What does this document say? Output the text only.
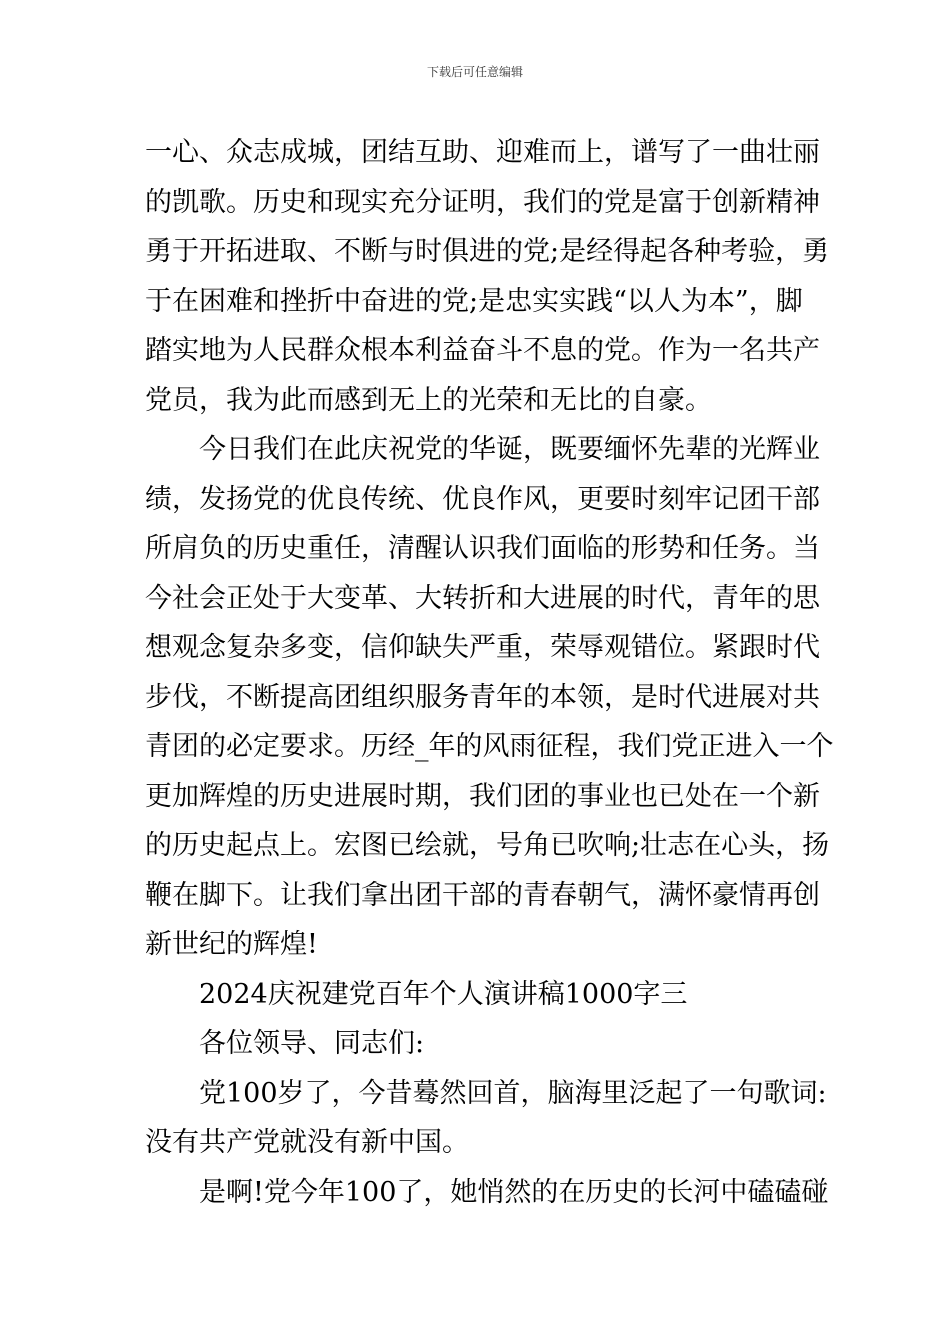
下载后可任意编辑
一心、众志成城，团结互助、迎难而上，谱写了一曲壮丽
的凯歌。历史和现实充分证明，我们的党是富于创新精神
勇于开拓进取、不断与时俱进的党;是经得起各种考验，勇
于在困难和挫折中奋进的党;是忠实实践“以人为本”，脚
踏实地为人民群众根本利益奋斗不息的党。作为一名共产
党员，我为此而感到无上的光荣和无比的自豪。
今日我们在此庆祝党的华诞，既要缅怀先辈的光辉业
绩，发扬党的优良传统、优良作风，更要时刻牢记团干部
所肩负的历史重任，清醒认识我们面临的形势和任务。当
今社会正处于大变革、大转折和大进展的时代，青年的思
想观念复杂多变，信仰缺失严重，荣辱观错位。紧跟时代
步伐，不断提高团组织服务青年的本领，是时代进展对共
青团的必定要求。历经_年的风雨征程，我们党正进入一个
更加辉煌的历史进展时期，我们团的事业也已处在一个新
的历史起点上。宏图已绘就，号角已吹响;壮志在心头，扬
鞭在脚下。让我们拿出团干部的青春朝气，满怀豪情再创
新世纪的辉煌!
2024庆祝建党百年个人演讲稿1000字三
各位领导、同志们:
党100岁了，今昔蓦然回首，脑海里泛起了一句歌词:
没有共产党就没有新中国。
是啊!党今年100了，她悄然的在历史的长河中磕磕碰
